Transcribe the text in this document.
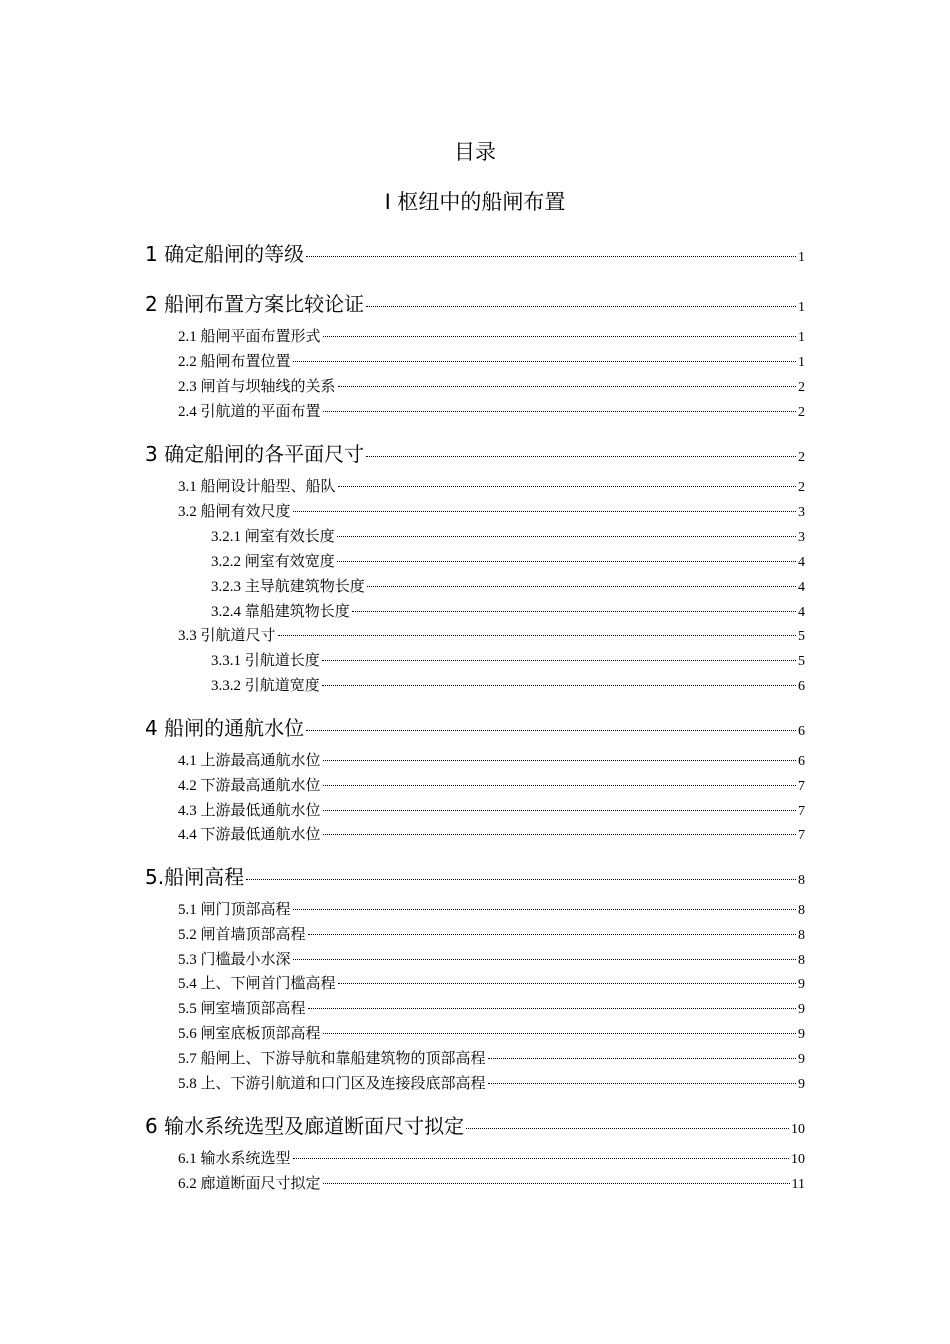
目录
I 枢纽中的船闸布置
1 确定船闸的等级	1
2 船闸布置方案比较论证	1
2.1 船闸平面布置形式	1
2.2 船闸布置位置	1
2.3 闸首与坝轴线的关系	2
2.4 引航道的平面布置	2
3 确定船闸的各平面尺寸	2
3.1 船闸设计船型、船队	2
3.2 船闸有效尺度	3
3.2.1 闸室有效长度	3
3.2.2 闸室有效宽度	4
3.2.3 主导航建筑物长度	4
3.2.4 靠船建筑物长度	4
3.3 引航道尺寸	5
3.3.1 引航道长度	5
3.3.2 引航道宽度	6
4 船闸的通航水位	6
4.1 上游最高通航水位	6
4.2 下游最高通航水位	7
4.3 上游最低通航水位	7
4.4 下游最低通航水位	7
5.船闸高程	8
5.1 闸门顶部高程	8
5.2 闸首墙顶部高程	8
5.3 门槛最小水深	8
5.4 上、下闸首门槛高程	9
5.5 闸室墙顶部高程	9
5.6 闸室底板顶部高程	9
5.7 船闸上、下游导航和靠船建筑物的顶部高程	9
5.8 上、下游引航道和口门区及连接段底部高程	9
6 输水系统选型及廊道断面尺寸拟定	10
6.1 输水系统选型	10
6.2 廊道断面尺寸拟定	11
